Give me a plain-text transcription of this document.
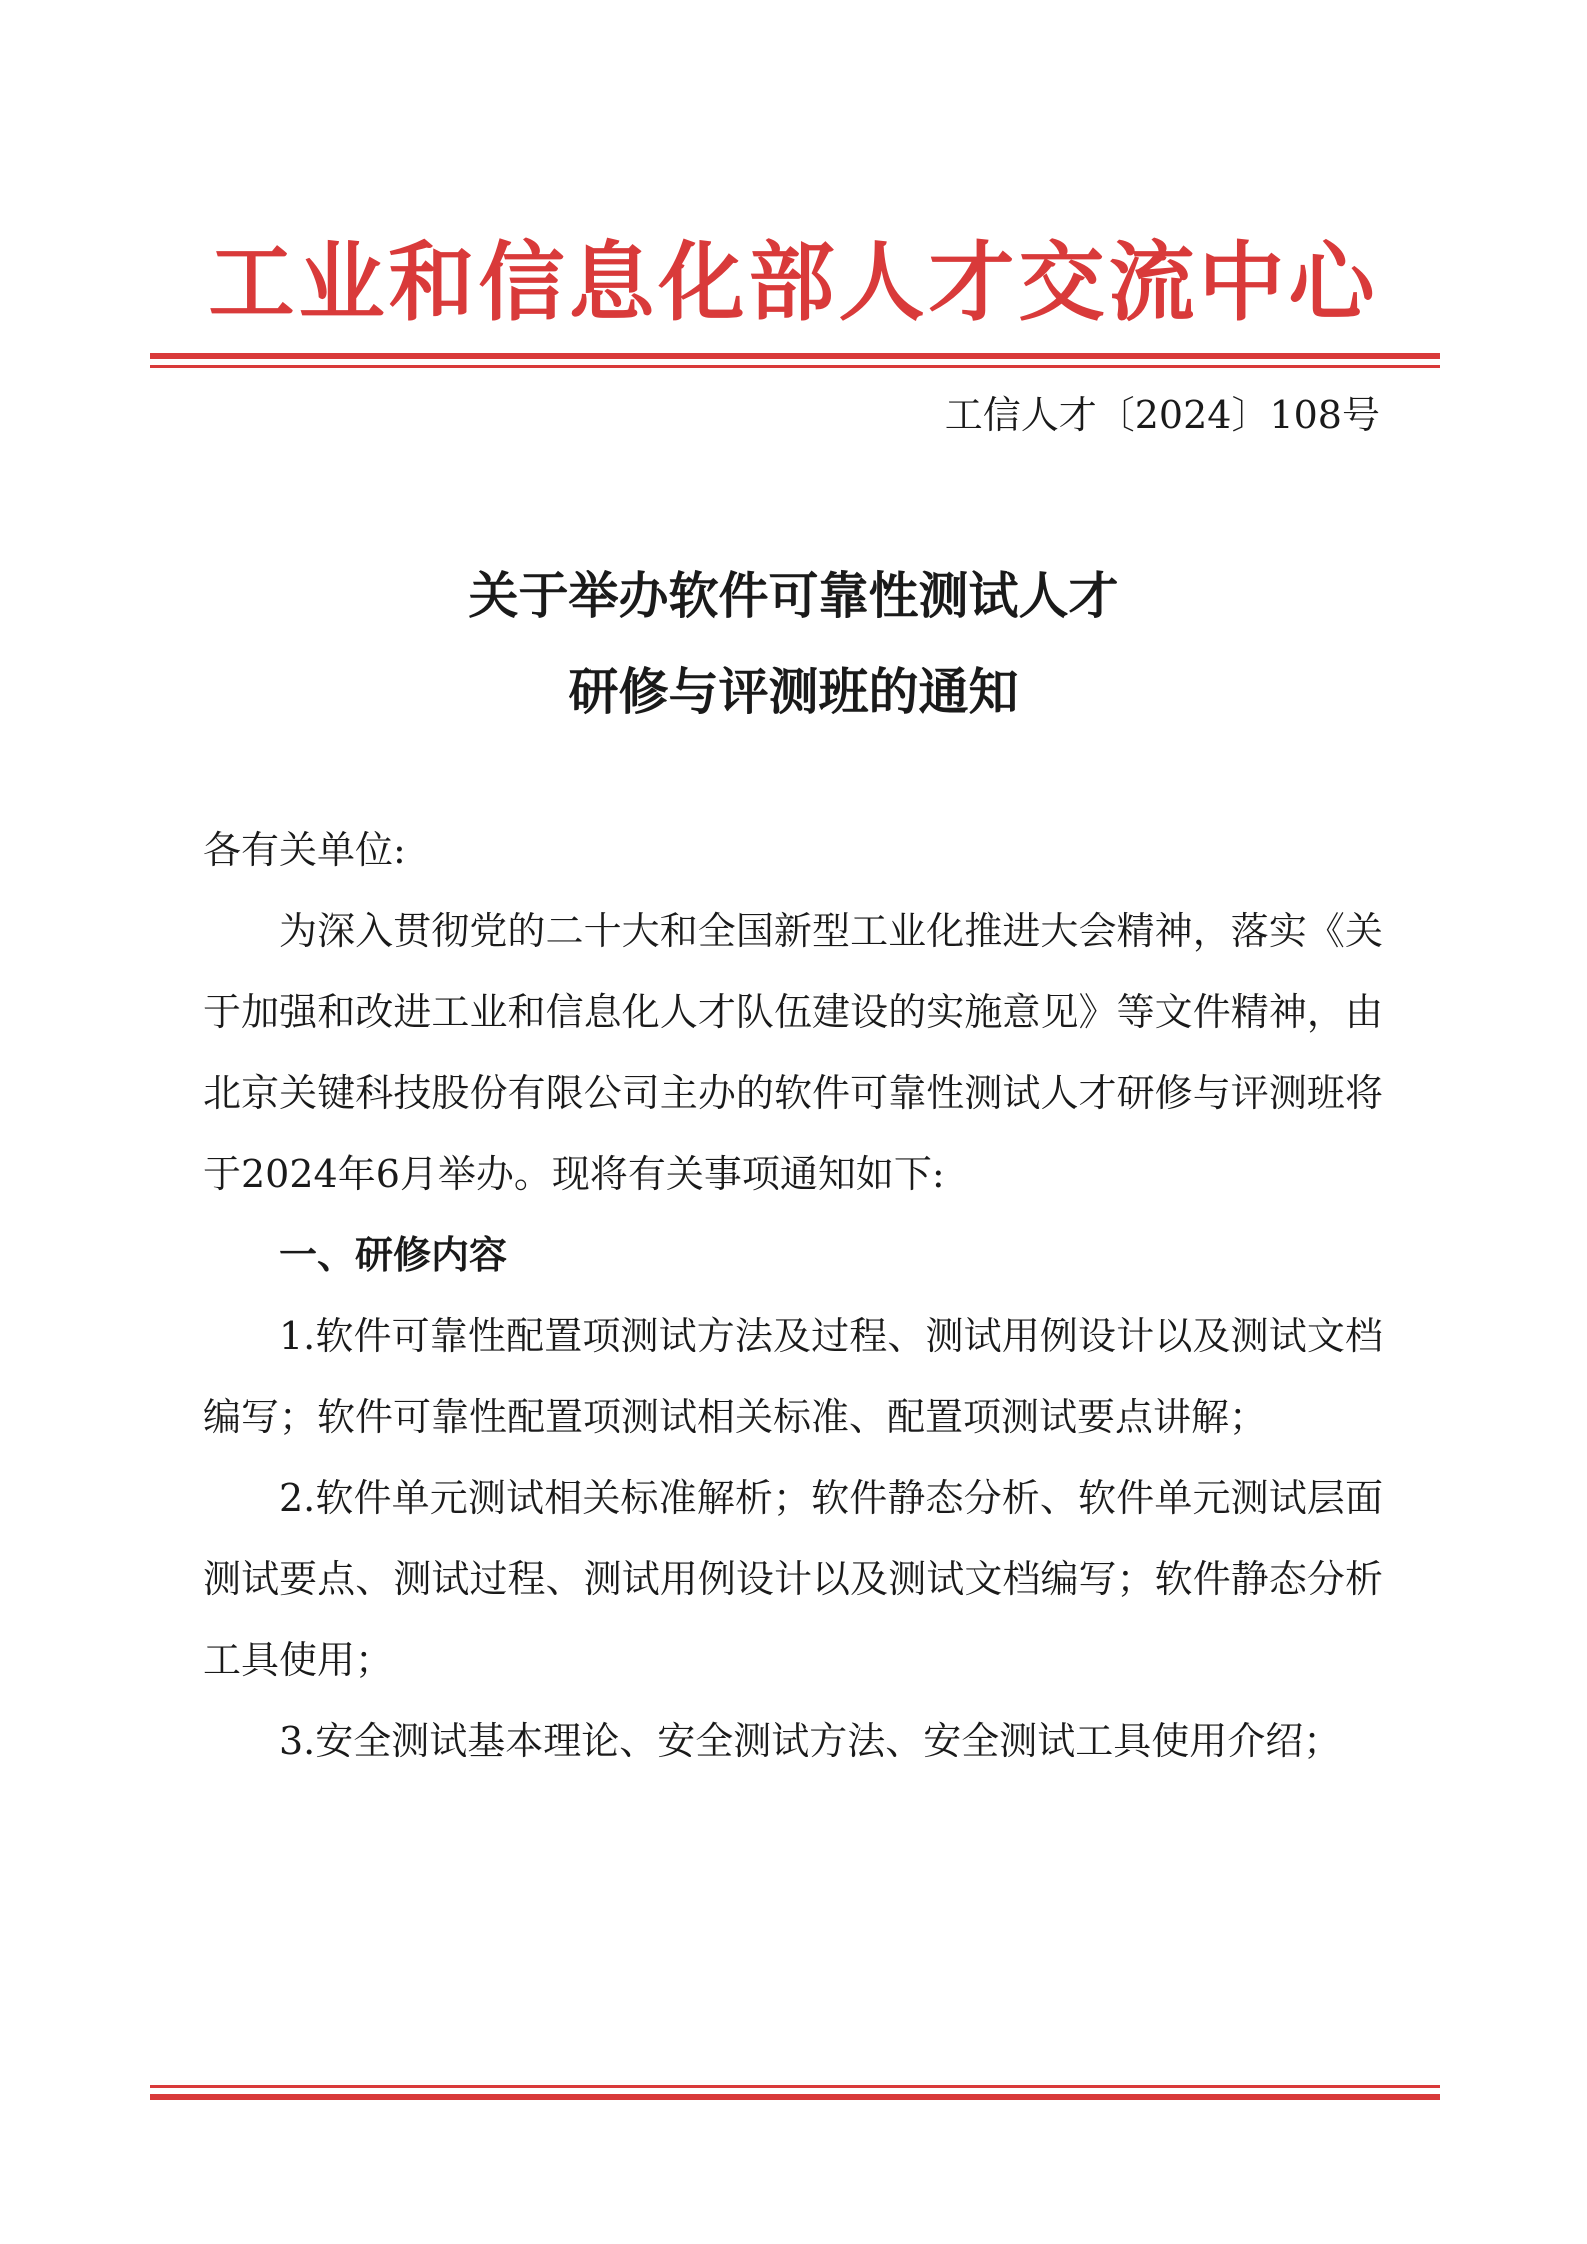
工业和信息化部人才交流中心
工信人才〔2024〕108号
关于举办软件可靠性测试人才
研修与评测班的通知

各有关单位:

为深入贯彻党的二十大和全国新型工业化推进大会精神，落实《关于加强和改进工业和信息化人才队伍建设的实施意见》等文件精神，由北京关键科技股份有限公司主办的软件可靠性测试人才研修与评测班将于2024年6月举办。现将有关事项通知如下:

一、研修内容

1.软件可靠性配置项测试方法及过程、测试用例设计以及测试文档编写；软件可靠性配置项测试相关标准、配置项测试要点讲解；

2.软件单元测试相关标准解析；软件静态分析、软件单元测试层面测试要点、测试过程、测试用例设计以及测试文档编写；软件静态分析工具使用；

3.安全测试基本理论、安全测试方法、安全测试工具使用介绍；
